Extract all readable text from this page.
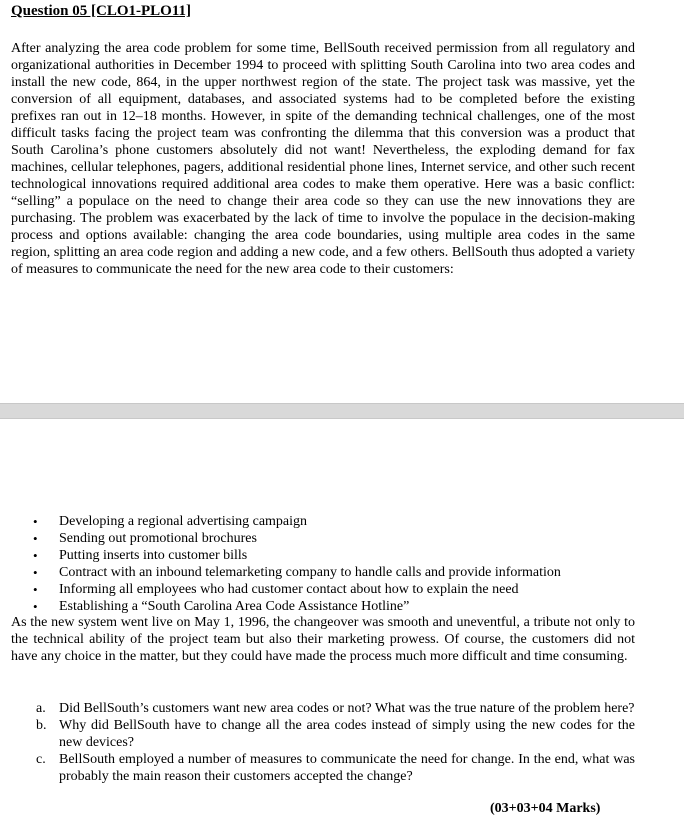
Question 05 [CLO1-PLO11]
After analyzing the area code problem for some time, BellSouth received permission from all regulatory and organizational authorities in December 1994 to proceed with splitting South Carolina into two area codes and install the new code, 864, in the upper northwest region of the state. The project task was massive, yet the conversion of all equipment, databases, and associated systems had to be completed before the existing prefixes ran out in 12–18 months. However, in spite of the demanding technical challenges, one of the most difficult tasks facing the project team was confronting the dilemma that this conversion was a product that South Carolina’s phone customers absolutely did not want! Nevertheless, the exploding demand for fax machines, cellular telephones, pagers, additional residential phone lines, Internet service, and other such recent technological innovations required additional area codes to make them operative. Here was a basic conflict: “selling” a populace on the need to change their area code so they can use the new innovations they are purchasing. The problem was exacerbated by the lack of time to involve the populace in the decision-making process and options available: changing the area code boundaries, using multiple area codes in the same region, splitting an area code region and adding a new code, and a few others. BellSouth thus adopted a variety of measures to communicate the need for the new area code to their customers:
• Developing a regional advertising campaign
• Sending out promotional brochures
• Putting inserts into customer bills
• Contract with an inbound telemarketing company to handle calls and provide information
• Informing all employees who had customer contact about how to explain the need
• Establishing a “South Carolina Area Code Assistance Hotline”
As the new system went live on May 1, 1996, the changeover was smooth and uneventful, a tribute not only to the technical ability of the project team but also their marketing prowess. Of course, the customers did not have any choice in the matter, but they could have made the process much more difficult and time consuming.
a. Did BellSouth’s customers want new area codes or not? What was the true nature of the problem here?
b. Why did BellSouth have to change all the area codes instead of simply using the new codes for the new devices?
c. BellSouth employed a number of measures to communicate the need for change. In the end, what was probably the main reason their customers accepted the change?
(03+03+04 Marks)
